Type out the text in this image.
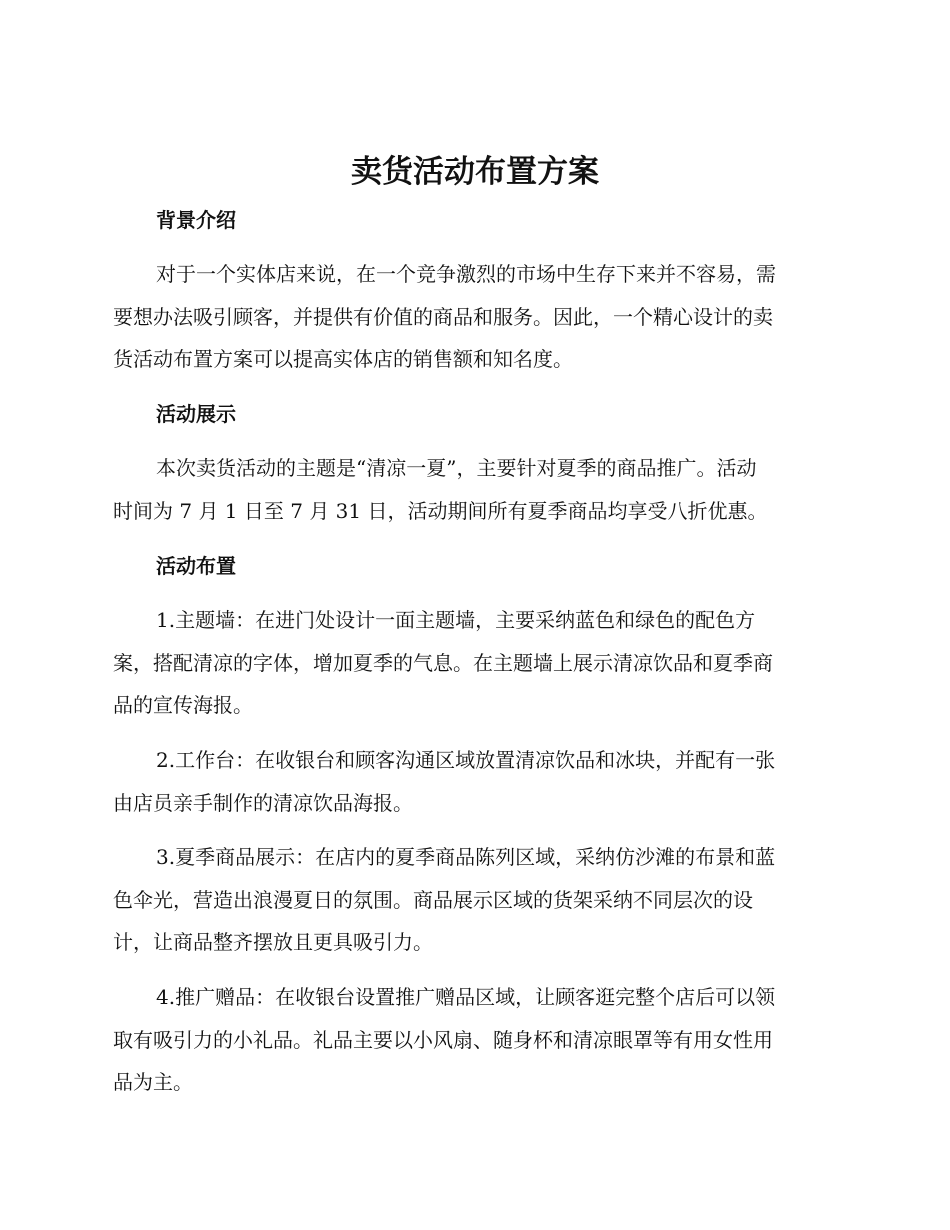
卖货活动布置方案
背景介绍
对于一个实体店来说，在一个竞争激烈的市场中生存下来并不容易，需
要想办法吸引顾客，并提供有价值的商品和服务。因此，一个精心设计的卖
货活动布置方案可以提高实体店的销售额和知名度。
活动展示
本次卖货活动的主题是“清凉一夏”，主要针对夏季的商品推广。活动
时间为 7 月 1 日至 7 月 31 日，活动期间所有夏季商品均享受八折优惠。
活动布置
1.主题墙：在进门处设计一面主题墙，主要采纳蓝色和绿色的配色方
案，搭配清凉的字体，增加夏季的气息。在主题墙上展示清凉饮品和夏季商
品的宣传海报。
2.工作台：在收银台和顾客沟通区域放置清凉饮品和冰块，并配有一张
由店员亲手制作的清凉饮品海报。
3.夏季商品展示：在店内的夏季商品陈列区域，采纳仿沙滩的布景和蓝
色伞光，营造出浪漫夏日的氛围。商品展示区域的货架采纳不同层次的设
计，让商品整齐摆放且更具吸引力。
4.推广赠品：在收银台设置推广赠品区域，让顾客逛完整个店后可以领
取有吸引力的小礼品。礼品主要以小风扇、随身杯和清凉眼罩等有用女性用
品为主。
